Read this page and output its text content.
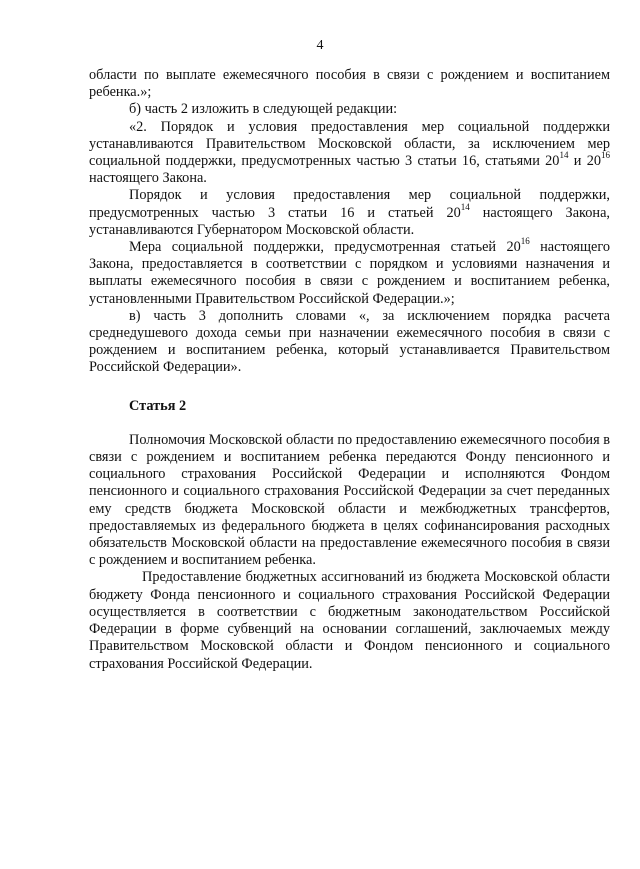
4

области по выплате ежемесячного пособия в связи с рождением и воспитанием ребенка.»;

б) часть 2 изложить в следующей редакции:

«2. Порядок и условия предоставления мер социальной поддержки устанавливаются Правительством Московской области, за исключением мер социальной поддержки, предусмотренных частью 3 статьи 16, статьями $20^{14}$ и $20^{16}$ настоящего Закона.

Порядок и условия предоставления мер социальной поддержки, предусмотренных частью 3 статьи 16 и статьей $20^{14}$ настоящего Закона, устанавливаются Губернатором Московской области.

Мера социальной поддержки, предусмотренная статьей $20^{16}$ настоящего Закона, предоставляется в соответствии с порядком и условиями назначения и выплаты ежемесячного пособия в связи с рождением и воспитанием ребенка, установленными Правительством Российской Федерации.»;

в) часть 3 дополнить словами «, за исключением порядка расчета среднедушевого дохода семьи при назначении ежемесячного пособия в связи с рождением и воспитанием ребенка, который устанавливается Правительством Российской Федерации».

Статья 2

Полномочия Московской области по предоставлению ежемесячного пособия в связи с рождением и воспитанием ребенка передаются Фонду пенсионного и социального страхования Российской Федерации и исполняются Фондом пенсионного и социального страхования Российской Федерации за счет переданных ему средств бюджета Московской области и межбюджетных трансфертов, предоставляемых из федерального бюджета в целях софинансирования расходных обязательств Московской области на предоставление ежемесячного пособия в связи с рождением и воспитанием ребенка.

Предоставление бюджетных ассигнований из бюджета Московской области бюджету Фонда пенсионного и социального страхования Российской Федерации осуществляется в соответствии с бюджетным законодательством Российской Федерации в форме субвенций на основании соглашений, заключаемых между Правительством Московской области и Фондом пенсионного и социального страхования Российской Федерации.
